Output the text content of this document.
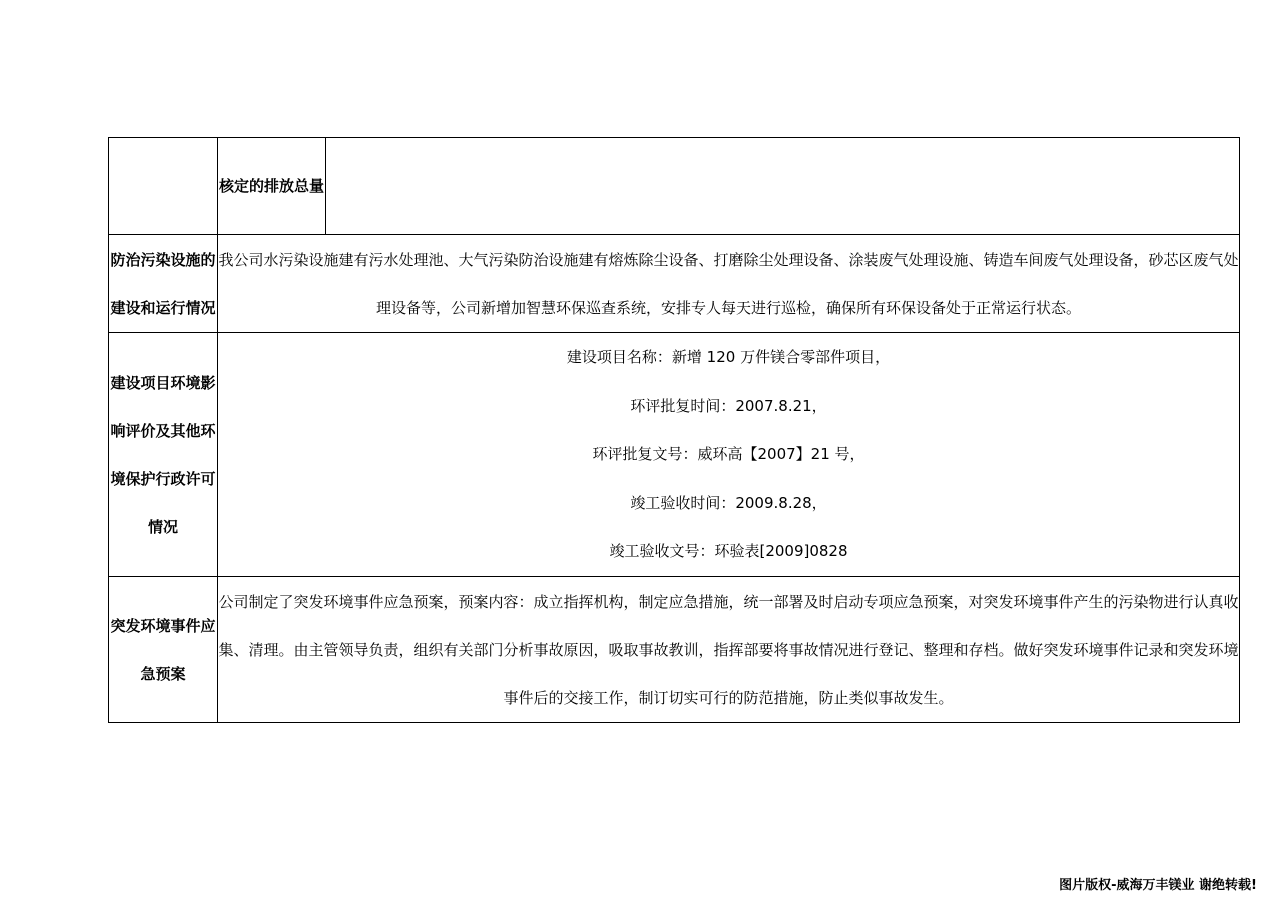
	核定的排放总量	
防治污染设施的建设和运行情况	我公司水污染设施建有污水处理池、大气污染防治设施建有熔炼除尘设备、打磨除尘处理设备、涂装废气处理设施、铸造车间废气处理设备，砂芯区废气处理设备等，公司新增加智慧环保巡查系统，安排专人每天进行巡检，确保所有环保设备处于正常运行状态。	
建设项目环境影响评价及其他环境保护行政许可情况	建设项目名称：新增 120 万件镁合零部件项目，
环评批复时间：2007.8.21，
环评批复文号：威环高【2007】21 号，
竣工验收时间：2009.8.28，
竣工验收文号：环验表[2009]0828	

突发环境事件应急预案	公司制定了突发环境事件应急预案，预案内容：成立指挥机构，制定应急措施，统一部署及时启动专项应急预案，对突发环境事件产生的污染物进行认真收集、清理。由主管领导负责，组织有关部门分析事故原因，吸取事故教训，指挥部要将事故情况进行登记、整理和存档。做好突发环境事件记录和突发环境事件后的交接工作，制订切实可行的防范措施，防止类似事故发生。	
图片版权-威海万丰镁业 谢绝转载!
